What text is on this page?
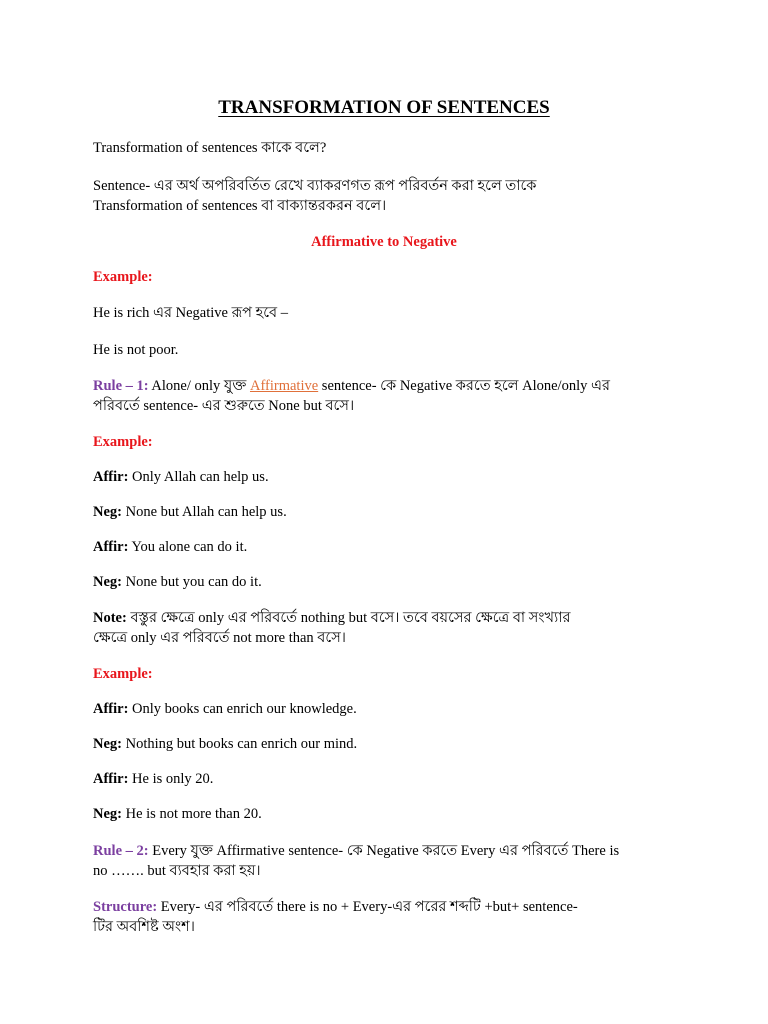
TRANSFORMATION OF SENTENCES
Transformation of sentences কাকে বলে?
Sentence- এর অর্থ অপরিবর্তিত রেখে ব্যাকরণগত রূপ পরিবর্তন করা হলে তাকে
Transformation of sentences বা বাক্যান্তরকরন বলে।
Affirmative to Negative
Example:
He is rich এর Negative রূপ হবে –
He is not poor.
Rule – 1: Alone/ only যুক্ত Affirmative sentence- কে Negative করতে হলে Alone/only এর
পরিবর্তে sentence- এর শুরুতে None but বসে।
Example:
Affir: Only Allah can help us.
Neg: None but Allah can help us.
Affir: You alone can do it.
Neg: None but you can do it.
Note: বস্তুর ক্ষেত্রে only এর পরিবর্তে nothing but বসে। তবে বয়সের ক্ষেত্রে বা সংখ্যার
ক্ষেত্রে only এর পরিবর্তে not more than বসে।
Example:
Affir: Only books can enrich our knowledge.
Neg: Nothing but books can enrich our mind.
Affir: He is only 20.
Neg: He is not more than 20.
Rule – 2: Every যুক্ত Affirmative sentence- কে Negative করতে Every এর পরিবর্তে There is
no ……. but ব্যবহার করা হয়।
Structure: Every- এর পরিবর্তে there is no + Every-এর পরের শব্দটি +but+ sentence-
টির অবশিষ্ট অংশ।
